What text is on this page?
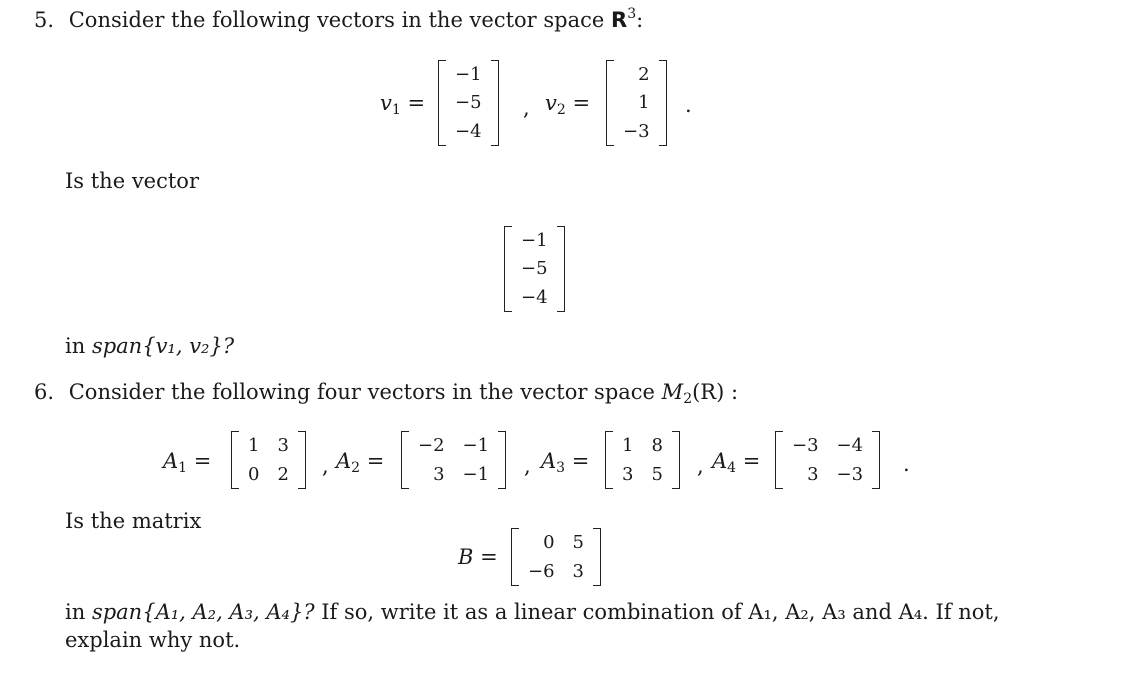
5. Consider the following vectors in the vector space $R^3$:
$v_1$ =
−1
−5
−4
, $v_2$ =
2
1
−3
.
Is the vector
−1
−5
−4
in span{v₁, v₂}?
6. Consider the following four vectors in the vector space $M_2(R)$ :
$A_1$ =
1 3
0 2 , $A_2$ =
−2 −1
3 −1 , $A_3$ =
1 8
3 5 , $A_4$ =
−3 −4
3 −3 .
Is the matrix
B =
0 5
−6 3
in span{A₁, A₂, A₃, A₄}? If so, write it as a linear combination of A₁, A₂, A₃ and A₄. If not,
explain why not.
